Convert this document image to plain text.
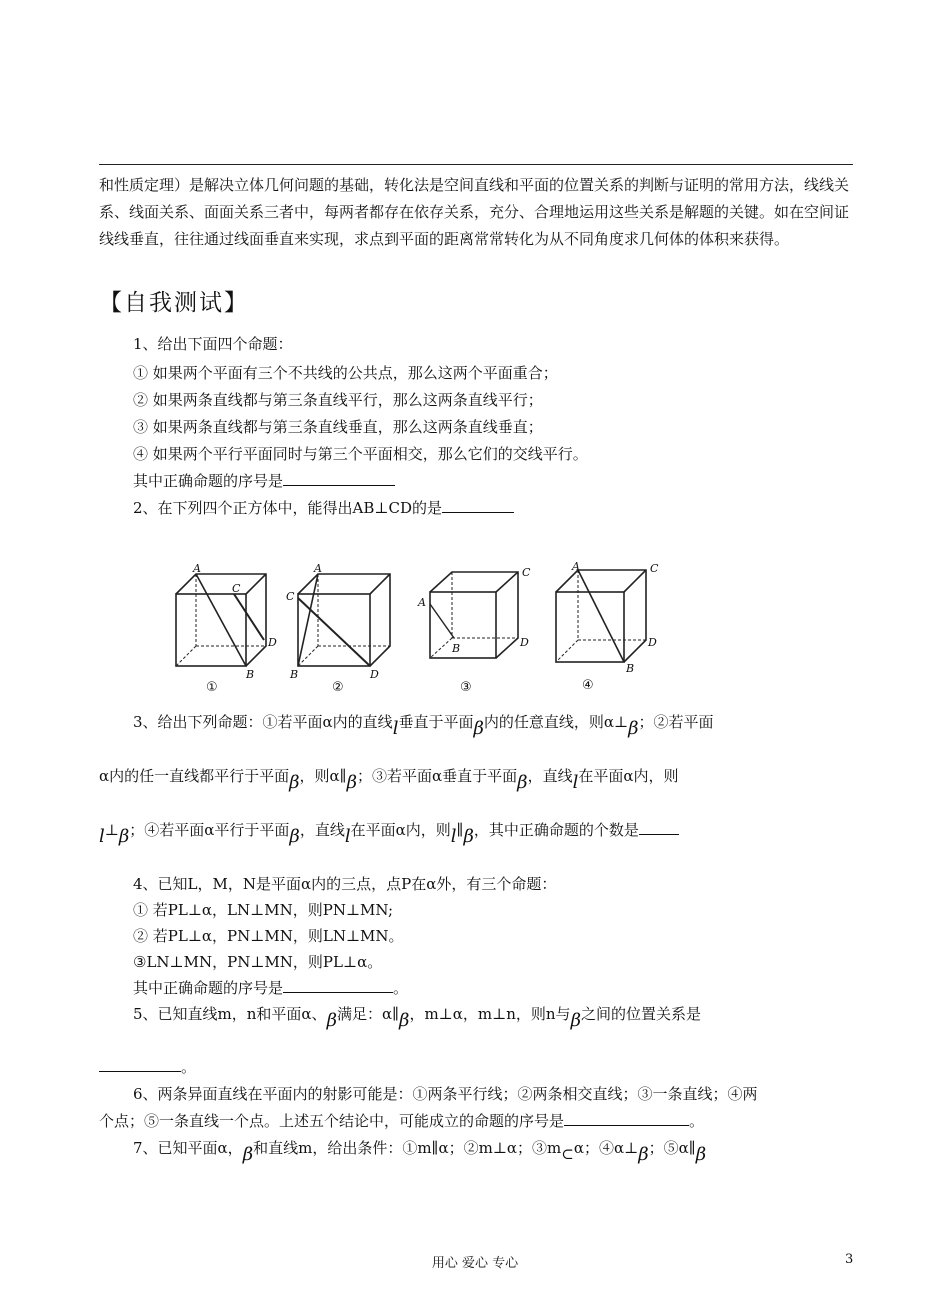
和性质定理）是解决立体几何问题的基础，转化法是空间直线和平面的位置关系的判断与证明的常用方法，线线关系、线面关系、面面关系三者中，每两者都存在依存关系，充分、合理地运用这些关系是解题的关键。如在空间证线线垂直，往往通过线面垂直来实现，求点到平面的距离常常转化为从不同角度求几何体的体积来获得。
【自我测试】
1、给出下面四个命题：
① 如果两个平面有三个不共线的公共点，那么这两个平面重合；
② 如果两条直线都与第三条直线平行，那么这两条直线平行；
③ 如果两条直线都与第三条直线垂直，那么这两条直线垂直；
④ 如果两个平行平面同时与第三个平面相交，那么它们的交线平行。
其中正确命题的序号是
2、在下列四个正方体中，能得出AB⊥CD的是
A
C
D
B
A
C
B	D
A
C
D
B
A	C
D
B
①	②	③	④
3、给出下列命题：①若平面α内的直线l垂直于平面β内的任意直线，则α⊥β；②若平面
α内的任一直线都平行于平面β，则α∥β；③若平面α垂直于平面β，直线l在平面α内，则
l⊥β；④若平面α平行于平面β，直线l在平面α内，则l∥β，其中正确命题的个数是
4、已知L，M，N是平面α内的三点，点P在α外，有三个命题：
① 若PL⊥α，LN⊥MN，则PN⊥MN;
② 若PL⊥α，PN⊥MN，则LN⊥MN。
③LN⊥MN，PN⊥MN，则PL⊥α。
其中正确命题的序号是	。
5、已知直线m，n和平面α、β满足：α∥β，m⊥α，m⊥n，则n与β之间的位置关系是
。
6、两条异面直线在平面内的射影可能是：①两条平行线；②两条相交直线；③一条直线；④两
个点；⑤一条直线一个点。上述五个结论中，可能成立的命题的序号是	。
7、已知平面α，β和直线m，给出条件：①m∥α；②m⊥α；③m⊂α；④α⊥β；⑤α∥β
用心 爱心 专心	3
